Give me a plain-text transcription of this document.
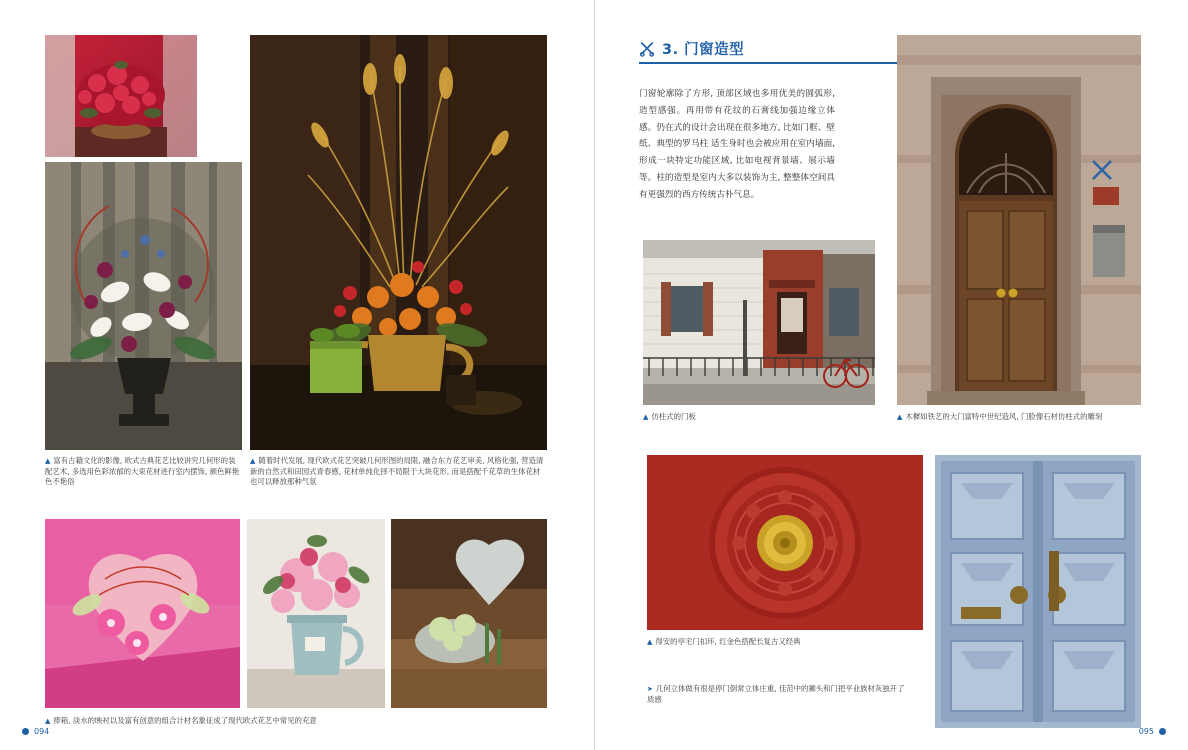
▲ 富有古籍文化的影像, 欧式古典花艺比较讲究几何形的装配艺术, 多选用色彩浓郁的大束花材进行室内摆饰, 颜色鲜艳色不艳俗
▲ 随着时代发展, 现代欧式花艺突破几何形图的局限, 融合东方花艺审美, 风格化强, 营造清新的自然式和田园式青春感, 花材单纯化择不局限于大块花形, 而是搭配千花草的生体花材也可以释放那种气氛
▲ 捧箱, 淡水的映衬以及富有创意的组合计材名象征成了现代欧式花艺中常见的充意
094
3. 门窗造型
门窗轮廓除了方形, 顶部区域也多用优美的圆弧形, 造型感强。再用带有花纹的石膏线加强边缘立体感。仍在式的设计会出现在很多地方, 比如门框、壁纸、典型的罗马柱 适生身时也会被应用在室内墙面, 形成一块特定功能区域, 比如电视背景墙、展示墙等。柱的造型是室内大多以装饰为主, 整整体空间具有更强烈的西方传统古朴气息。
▲ 仿柱式的门板	▲ 木樨如铁艺的大门富特中世纪造风, 门脸像石材仿柱式的雕刻
▲ 得安的亭宅门扣环, 红金色搭配长复古又经典
➤ 几何立体做有很是停门倒常立体庄重, 佳范中的狮头和门把平业族材灰独开了质感
095
